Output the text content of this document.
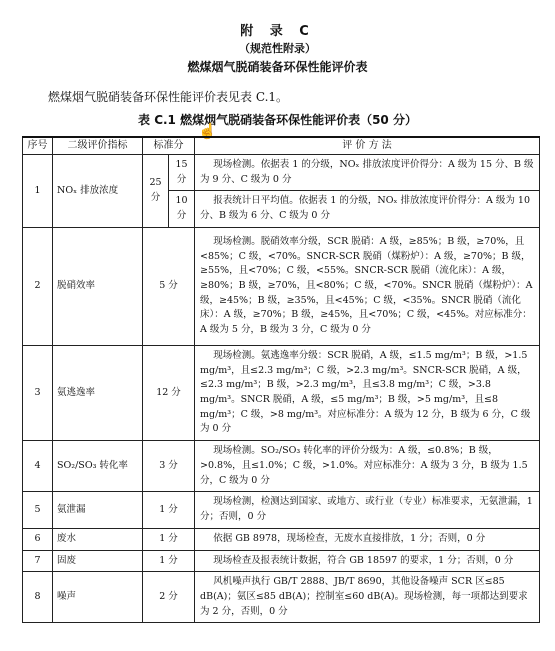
附 录 C
（规范性附录）
燃煤烟气脱硝装备环保性能评价表
燃煤烟气脱硝装备环保性能评价表见表 C.1。
表 C.1 燃煤烟气脱硝装备环保性能评价表（50 分）
☝
序号	二级评价指标	标准分		评 价 方 法
1	NOₓ 排放浓度	25 分	15 分	现场检测。依据表 1 的分级，NOₓ 排放浓度评价得分：A 级为 15 分、B 级为 9 分、C 级为 0 分
			10 分	报表统计日平均值。依据表 1 的分级，NOₓ 排放浓度评价得分：A 级为 10 分、B 级为 6 分、C 级为 0 分
2	脱硝效率	5 分		现场检测。脱硝效率分级，SCR 脱硝：A 级，≥85%；B 级，≥70%，且<85%；C 级，<70%。SNCR-SCR 脱硝（煤粉炉）：A 级，≥70%；B 级，≥55%，且<70%；C 级，<55%。SNCR-SCR 脱硝（流化床）：A 级，≥80%；B 级，≥70%，且<80%；C 级，<70%。SNCR 脱硝（煤粉炉）：A 级，≥45%；B 级，≥35%，且<45%；C 级，<35%。SNCR 脱硝（流化床）：A 级，≥70%；B 级，≥45%，且<70%；C 级，<45%。对应标准分：A 级为 5 分，B 级为 3 分，C 级为 0 分
3	氨逃逸率	12 分		现场检测。氨逃逸率分级：SCR 脱硝，A 级，≤1.5 mg/m³；B 级，>1.5 mg/m³，且≤2.3 mg/m³；C 级，>2.3 mg/m³。SNCR-SCR 脱硝，A 级，≤2.3 mg/m³；B 级，>2.3 mg/m³，且≤3.8 mg/m³；C 级，>3.8 mg/m³。SNCR 脱硝，A 级，≤5 mg/m³；B 级，>5 mg/m³，且≤8 mg/m³；C 级，>8 mg/m³。对应标准分：A 级为 12 分，B 级为 6 分，C 级为 0 分
4	SO₂/SO₃ 转化率	3 分		现场检测。SO₂/SO₃ 转化率的评价分级为：A 级，≤0.8%；B 级，>0.8%，且≤1.0%；C 级，>1.0%。对应标准分：A 级为 3 分，B 级为 1.5 分，C 级为 0 分
5	氨泄漏	1 分		现场检测，检测达到国家、或地方、或行业（专业）标准要求，无氨泄漏，1 分；否则，0 分
6	废水	1 分		依据 GB 8978，现场检查，无废水直接排放，1 分；否则，0 分
7	固废	1 分		现场检查及报表统计数据，符合 GB 18597 的要求，1 分；否则，0 分
8	噪声	2 分		风机噪声执行 GB/T 2888、JB/T 8690，其他设备噪声 SCR 区≤85 dB(A)；氨区≤85 dB(A)；控制室≤60 dB(A)。现场检测，每一项都达到要求为 2 分，否则，0 分
